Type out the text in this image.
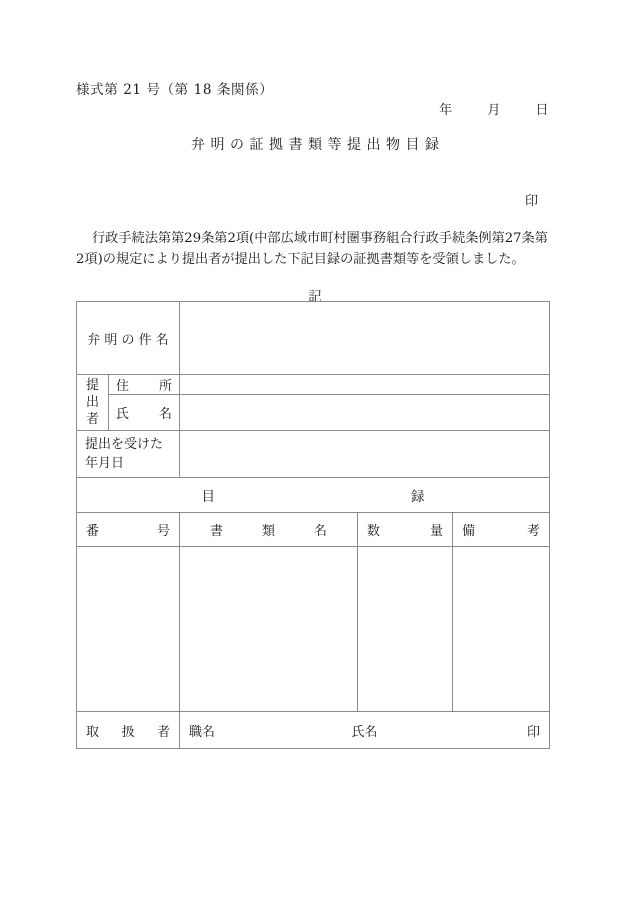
様式第 21 号（第 18 条関係）
年	月	日
弁明の証拠書類等提出物目録
印
行政手続法第第29条第2項(中部広域市町村圏事務組合行政手続条例第27条第
2項)の規定により提出者が提出した下記目録の証拠書類等を受領しました。
記
弁 明 の 件 名				

提
出
者	住 所			

	氏 名			

提出を受けた
年月日				

目 録				

番 号		書 類 名	数 量	備 考

取 扱 者		職名 氏名 印		
